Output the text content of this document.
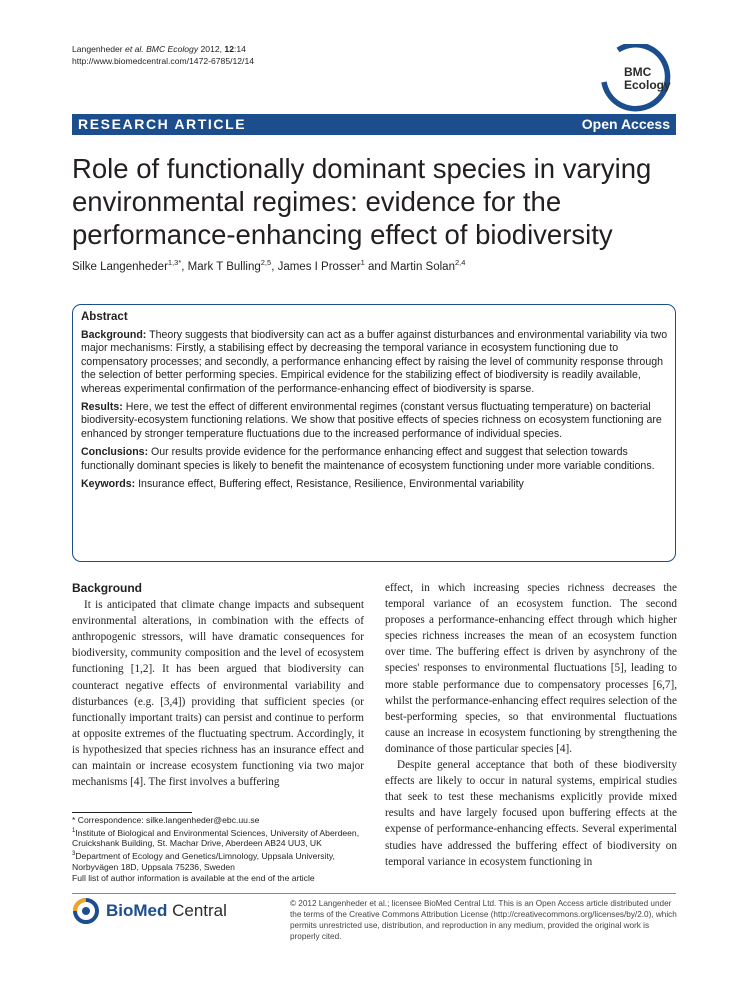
Langenheder et al. BMC Ecology 2012, 12:14
http://www.biomedcentral.com/1472-6785/12/14
BMC
Ecology
RESEARCH ARTICLE	Open Access
Role of functionally dominant species in varying environmental regimes: evidence for the performance-enhancing effect of biodiversity
Silke Langenheder$^{1,3*}$, Mark T Bulling$^{2,5}$, James I Prosser$^1$ and Martin Solan$^{2,4}$
Abstract

Background: Theory suggests that biodiversity can act as a buffer against disturbances and environmental variability via two major mechanisms: Firstly, a stabilising effect by decreasing the temporal variance in ecosystem functioning due to compensatory processes; and secondly, a performance enhancing effect by raising the level of community response through the selection of better performing species. Empirical evidence for the stabilizing effect of biodiversity is readily available, whereas experimental confirmation of the performance-enhancing effect of biodiversity is sparse.

Results: Here, we test the effect of different environmental regimes (constant versus fluctuating temperature) on bacterial biodiversity-ecosystem functioning relations. We show that positive effects of species richness on ecosystem functioning are enhanced by stronger temperature fluctuations due to the increased performance of individual species.

Conclusions: Our results provide evidence for the performance enhancing effect and suggest that selection towards functionally dominant species is likely to benefit the maintenance of ecosystem functioning under more variable conditions.

Keywords: Insurance effect, Buffering effect, Resistance, Resilience, Environmental variability

Background

It is anticipated that climate change impacts and subsequent environmental alterations, in combination with the effects of anthropogenic stressors, will have dramatic consequences for biodiversity, community composition and the level of ecosystem functioning [1,2]. It has been argued that biodiversity can counteract negative effects of environmental variability and disturbances (e.g. [3,4]) providing that sufficient species (or functionally important traits) can persist and continue to perform at opposite extremes of the fluctuating spectrum. Accordingly, it is hypothesized that species richness has an insurance effect and can maintain or increase ecosystem functioning via two major mechanisms [4]. The first involves a buffering

effect, in which increasing species richness decreases the temporal variance of an ecosystem function. The second proposes a performance-enhancing effect through which higher species richness increases the mean of an ecosystem function over time. The buffering effect is driven by asynchrony of the species' responses to environmental fluctuations [5], leading to more stable performance due to compensatory processes [6,7], whilst the performance-enhancing effect requires selection of the best-performing species, so that environmental fluctuations cause an increase in ecosystem functioning by strengthening the dominance of those particular species [4].

Despite general acceptance that both of these biodiversity effects are likely to occur in natural systems, empirical studies that seek to test these mechanisms explicitly provide mixed results and have largely focused upon buffering effects at the expense of performance-enhancing effects. Several experimental studies have addressed the buffering effect of biodiversity on temporal variance in ecosystem functioning in

* Correspondence: silke.langenheder@ebc.uu.se
$^1$Institute of Biological and Environmental Sciences, University of Aberdeen, Cruickshank Building, St. Machar Drive, Aberdeen AB24 UU3, UK
$^3$Department of Ecology and Genetics/Limnology, Uppsala University, Norbyvägen 18D, Uppsala 75236, Sweden
Full list of author information is available at the end of the article
BioMed Central	© 2012 Langenheder et al.; licensee BioMed Central Ltd. This is an Open Access article distributed under the terms of the Creative Commons Attribution License (http://creativecommons.org/licenses/by/2.0), which permits unrestricted use, distribution, and reproduction in any medium, provided the original work is properly cited.
